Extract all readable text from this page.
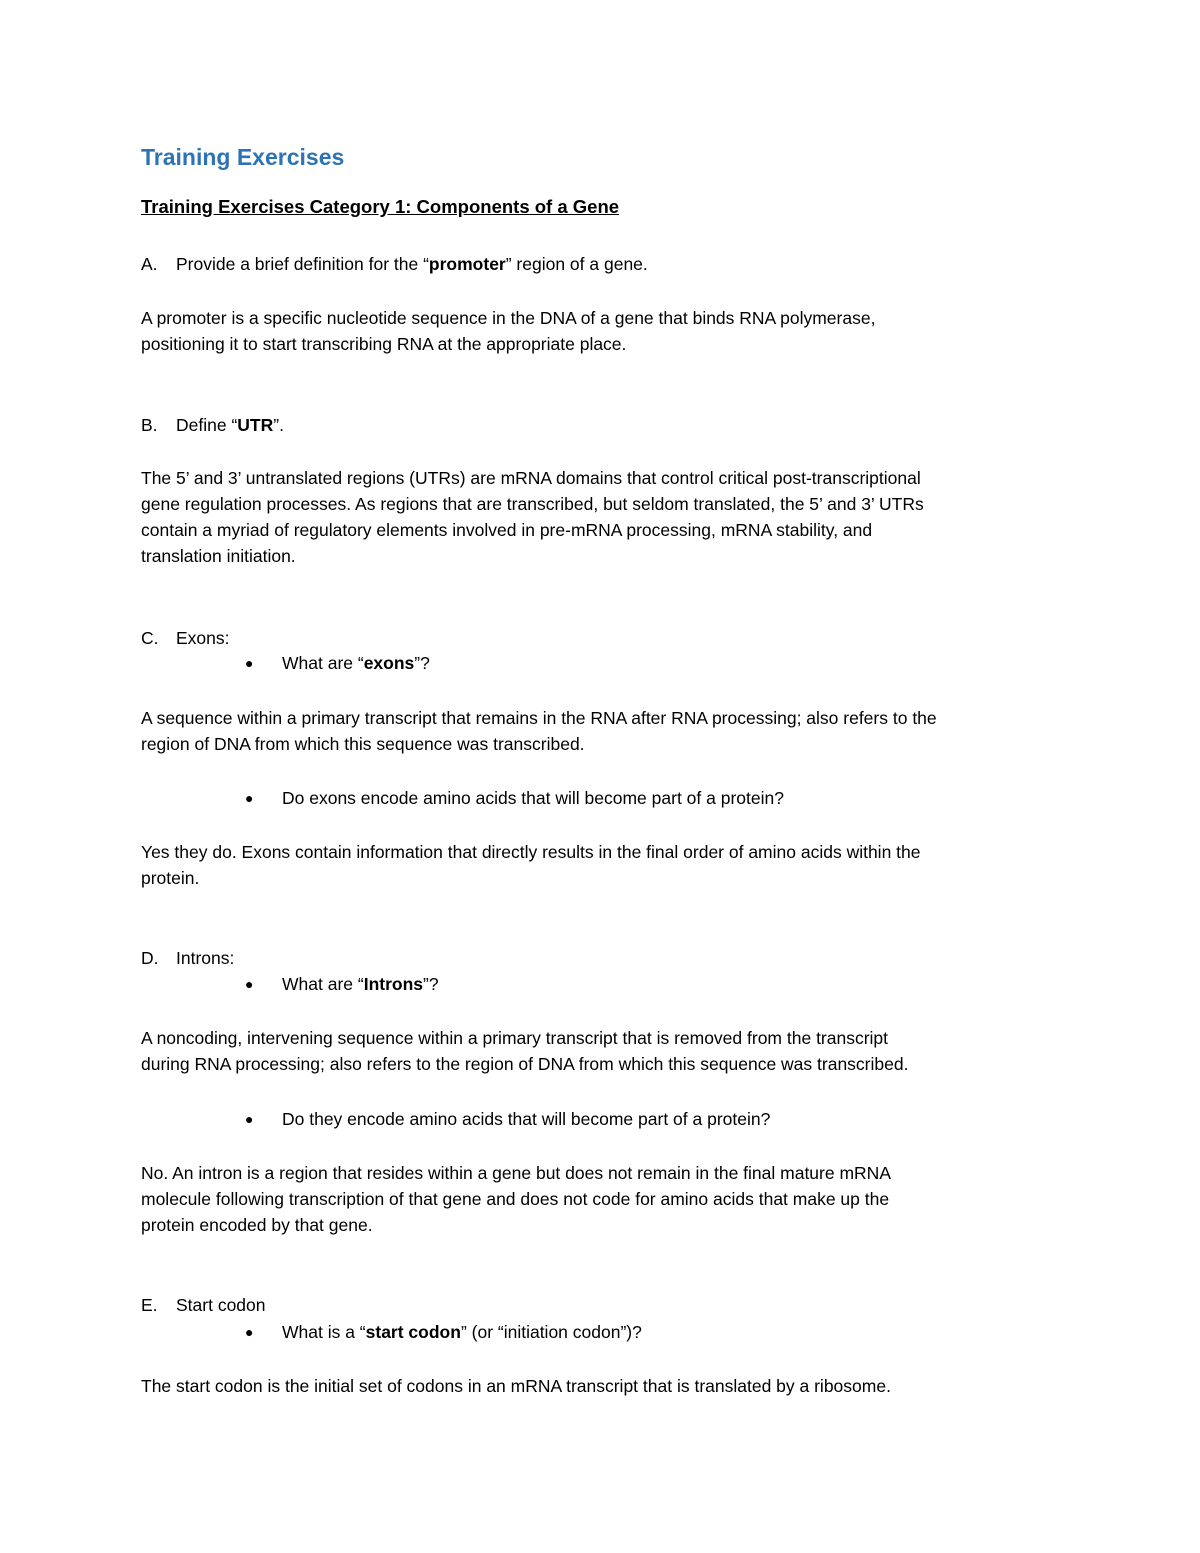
Training Exercises
Training Exercises Category 1: Components of a Gene
A. Provide a brief definition for the “promoter” region of a gene.
A promoter is a specific nucleotide sequence in the DNA of a gene that binds RNA polymerase,
positioning it to start transcribing RNA at the appropriate place.
B. Define “UTR”.
The 5’ and 3’ untranslated regions (UTRs) are mRNA domains that control critical post-transcriptional
gene regulation processes. As regions that are transcribed, but seldom translated, the 5’ and 3’ UTRs
contain a myriad of regulatory elements involved in pre-mRNA processing, mRNA stability, and
translation initiation.
C. Exons:
● What are “exons”?
A sequence within a primary transcript that remains in the RNA after RNA processing; also refers to the
region of DNA from which this sequence was transcribed.
● Do exons encode amino acids that will become part of a protein?
Yes they do. Exons contain information that directly results in the final order of amino acids within the
protein.
D. Introns:
● What are “Introns”?
A noncoding, intervening sequence within a primary transcript that is removed from the transcript
during RNA processing; also refers to the region of DNA from which this sequence was transcribed.
● Do they encode amino acids that will become part of a protein?
No. An intron is a region that resides within a gene but does not remain in the final mature mRNA
molecule following transcription of that gene and does not code for amino acids that make up the
protein encoded by that gene.
E. Start codon
● What is a “start codon” (or “initiation codon”)?
The start codon is the initial set of codons in an mRNA transcript that is translated by a ribosome.
